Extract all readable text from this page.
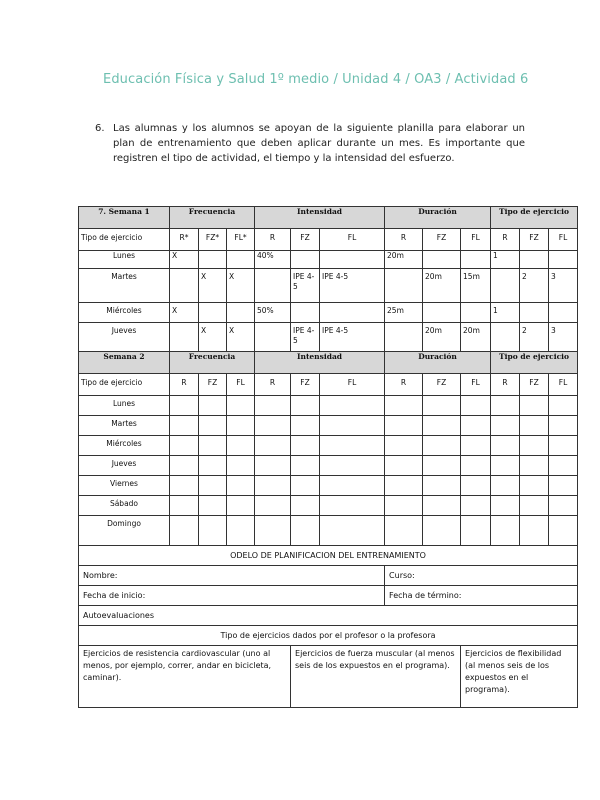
Educación Física y Salud 1º medio / Unidad 4 / OA3 / Actividad 6
6. Las alumnas y los alumnos se apoyan de la siguiente planilla para elaborar un plan de entrenamiento que deben aplicar durante un mes. Es importante que registren el tipo de actividad, el tiempo y la intensidad del esfuerzo.
7. Semana 1	Frecuencia			Intensidad			Duración			Tipo de ejercicio		
Tipo de ejercicio	R*	FZ*	FL*	R	FZ	FL	R	FZ	FL	R	FZ	FL
Lunes	X			40%			20m			1		
Martes		X	X		IPE 4-5	IPE 4-5		20m	15m		2	3
Miércoles	X			50%			25m			1		
Jueves		X	X		IPE 4-5	IPE 4-5		20m	20m		2	3
Semana 2	Frecuencia			Intensidad			Duración			Tipo de ejercicio		
Tipo de ejercicio	R	FZ	FL	R	FZ	FL	R	FZ	FL	R	FZ	FL
Lunes												
Martes												
Miércoles												
Jueves												
Viernes												
Sábado												
Domingo												
ODELO DE PLANIFICACION DEL ENTRENAMIENTO												
Nombre:							Curso:					
Fecha de inicio:							Fecha de término:					
Autoevaluaciones												
Tipo de ejercicios dados por el profesor o la profesora												
Ejercicios de resistencia cardiovascular (uno al menos, por ejemplo, correr, andar en bicicleta, caminar).					Ejercicios de fuerza muscular (al menos seis de los expuestos en el programa).				Ejercicios de flexibilidad (al menos seis de los expuestos en el programa).			
